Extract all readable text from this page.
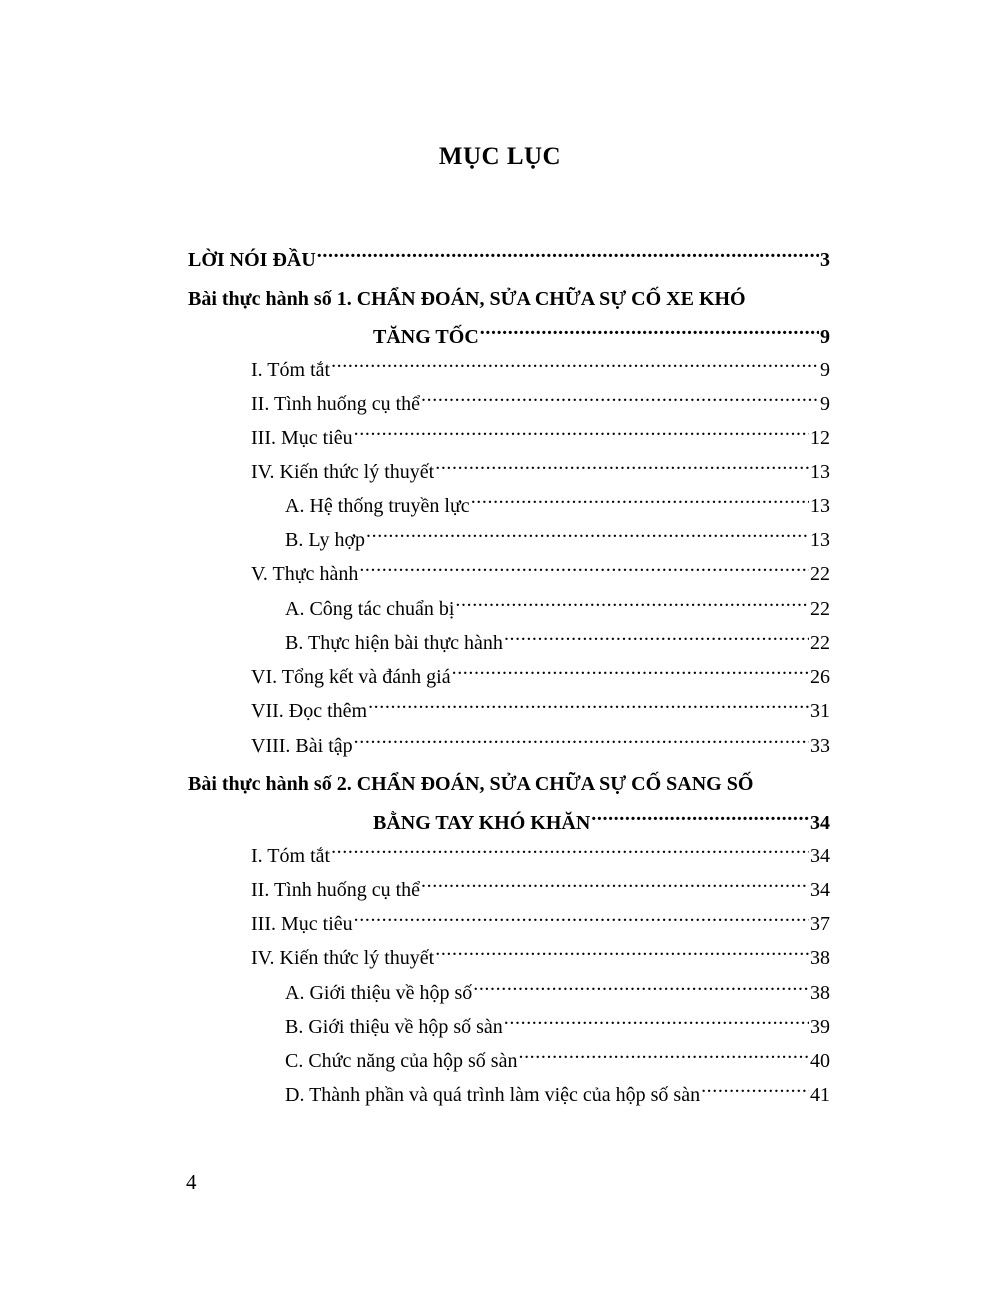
MỤC LỤC
LỜI NÓI ĐẦU .....	3
Bài thực hành số 1. CHẨN ĐOÁN, SỬA CHỮA SỰ CỐ XE KHÓ
TĂNG TỐC .....	9
I. Tóm tắt .....	9
II. Tình huống cụ thể .....	9
III. Mục tiêu .....	12
IV. Kiến thức lý thuyết .....	13
A. Hệ thống truyền lực .....	13
B. Ly hợp .....	13
V. Thực hành .....	22
A. Công tác chuẩn bị .....	22
B. Thực hiện bài thực hành .....	22
VI. Tổng kết và đánh giá .....	26
VII. Đọc thêm .....	31
VIII. Bài tập .....	33
Bài thực hành số 2. CHẨN ĐOÁN, SỬA CHỮA SỰ CỐ SANG SỐ
BẰNG TAY KHÓ KHĂN .....	34
I. Tóm tắt .....	34
II. Tình huống cụ thể .....	34
III. Mục tiêu .....	37
IV. Kiến thức lý thuyết .....	38
A. Giới thiệu về hộp số .....	38
B. Giới thiệu về hộp số sàn .....	39
C. Chức năng của hộp số sàn .....	40
D. Thành phần và quá trình làm việc của hộp số sàn .....	41
4
